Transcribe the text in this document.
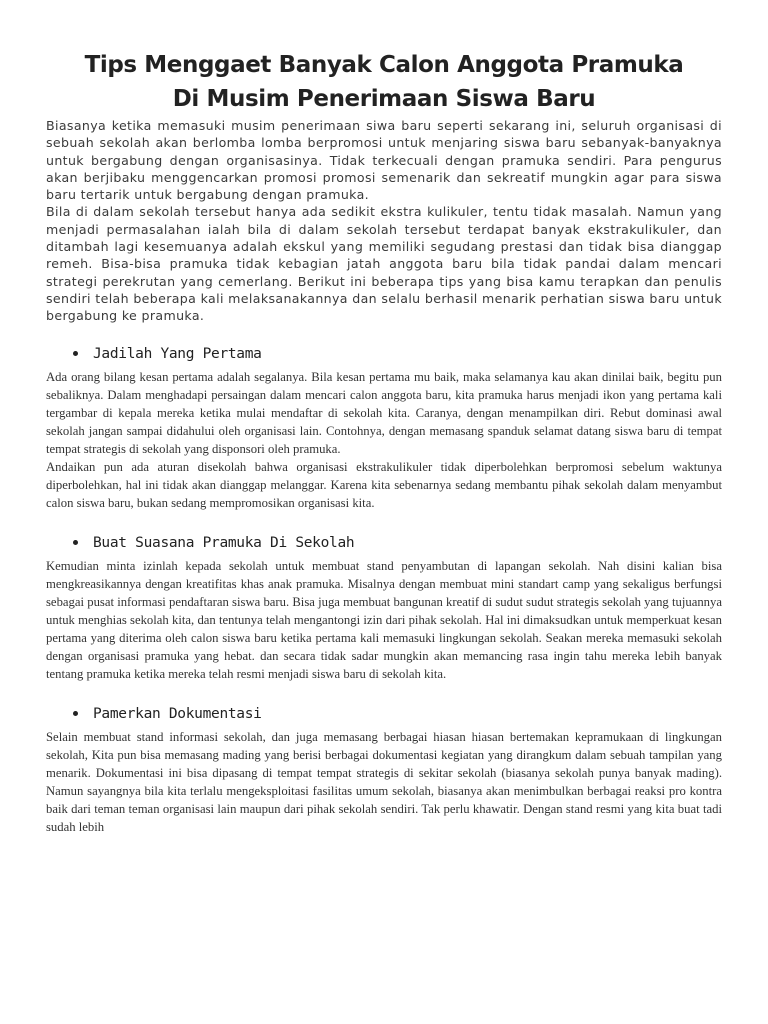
Tips Menggaet Banyak Calon Anggota Pramuka
Di Musim Penerimaan Siswa Baru

Biasanya ketika memasuki musim penerimaan siwa baru seperti sekarang ini, seluruh organisasi di sebuah sekolah akan berlomba lomba berpromosi untuk menjaring siswa baru sebanyak-banyaknya untuk bergabung dengan organisasinya. Tidak terkecuali dengan pramuka sendiri. Para pengurus akan berjibaku menggencarkan promosi promosi semenarik dan sekreatif mungkin agar para siswa baru tertarik untuk bergabung dengan pramuka.

Bila di dalam sekolah tersebut hanya ada sedikit ekstra kulikuler, tentu tidak masalah. Namun yang menjadi permasalahan ialah bila di dalam sekolah tersebut terdapat banyak ekstrakulikuler, dan ditambah lagi kesemuanya adalah ekskul yang memiliki segudang prestasi dan tidak bisa dianggap remeh. Bisa-bisa pramuka tidak kebagian jatah anggota baru bila tidak pandai dalam mencari strategi perekrutan yang cemerlang. Berikut ini beberapa tips yang bisa kamu terapkan dan penulis sendiri telah beberapa kali melaksanakannya dan selalu berhasil menarik perhatian siswa baru untuk bergabung ke pramuka.

Jadilah Yang Pertama

Ada orang bilang kesan pertama adalah segalanya. Bila kesan pertama mu baik, maka selamanya kau akan dinilai baik, begitu pun sebaliknya. Dalam menghadapi persaingan dalam mencari calon anggota baru, kita pramuka harus menjadi ikon yang pertama kali tergambar di kepala mereka ketika mulai mendaftar di sekolah kita. Caranya, dengan menampilkan diri. Rebut dominasi awal sekolah jangan sampai didahului oleh organisasi lain. Contohnya, dengan memasang spanduk selamat datang siswa baru di tempat tempat strategis di sekolah yang disponsori oleh pramuka.

Andaikan pun ada aturan disekolah bahwa organisasi ekstrakulikuler tidak diperbolehkan berpromosi sebelum waktunya diperbolehkan, hal ini tidak akan dianggap melanggar. Karena kita sebenarnya sedang membantu pihak sekolah dalam menyambut calon siswa baru, bukan sedang mempromosikan organisasi kita.

Buat Suasana Pramuka Di Sekolah

Kemudian minta izinlah kepada sekolah untuk membuat stand penyambutan di lapangan sekolah. Nah disini kalian bisa mengkreasikannya dengan kreatifitas khas anak pramuka. Misalnya dengan membuat mini standart camp yang sekaligus berfungsi sebagai pusat informasi pendaftaran siswa baru. Bisa juga membuat bangunan kreatif di sudut sudut strategis sekolah yang tujuannya untuk menghias sekolah kita, dan tentunya telah mengantongi izin dari pihak sekolah. Hal ini dimaksudkan untuk memperkuat kesan pertama yang diterima oleh calon siswa baru ketika pertama kali memasuki lingkungan sekolah. Seakan mereka memasuki sekolah dengan organisasi pramuka yang hebat. dan secara tidak sadar mungkin akan memancing rasa ingin tahu mereka lebih banyak tentang pramuka ketika mereka telah resmi menjadi siswa baru di sekolah kita.

Pamerkan Dokumentasi

Selain membuat stand informasi sekolah, dan juga memasang berbagai hiasan hiasan bertemakan kepramukaan di lingkungan sekolah, Kita pun bisa memasang mading yang berisi berbagai dokumentasi kegiatan yang dirangkum dalam sebuah tampilan yang menarik. Dokumentasi ini bisa dipasang di tempat tempat strategis di sekitar sekolah (biasanya sekolah punya banyak mading). Namun sayangnya bila kita terlalu mengeksploitasi fasilitas umum sekolah, biasanya akan menimbulkan berbagai reaksi pro kontra baik dari teman teman organisasi lain maupun dari pihak sekolah sendiri. Tak perlu khawatir. Dengan stand resmi yang kita buat tadi sudah lebih
